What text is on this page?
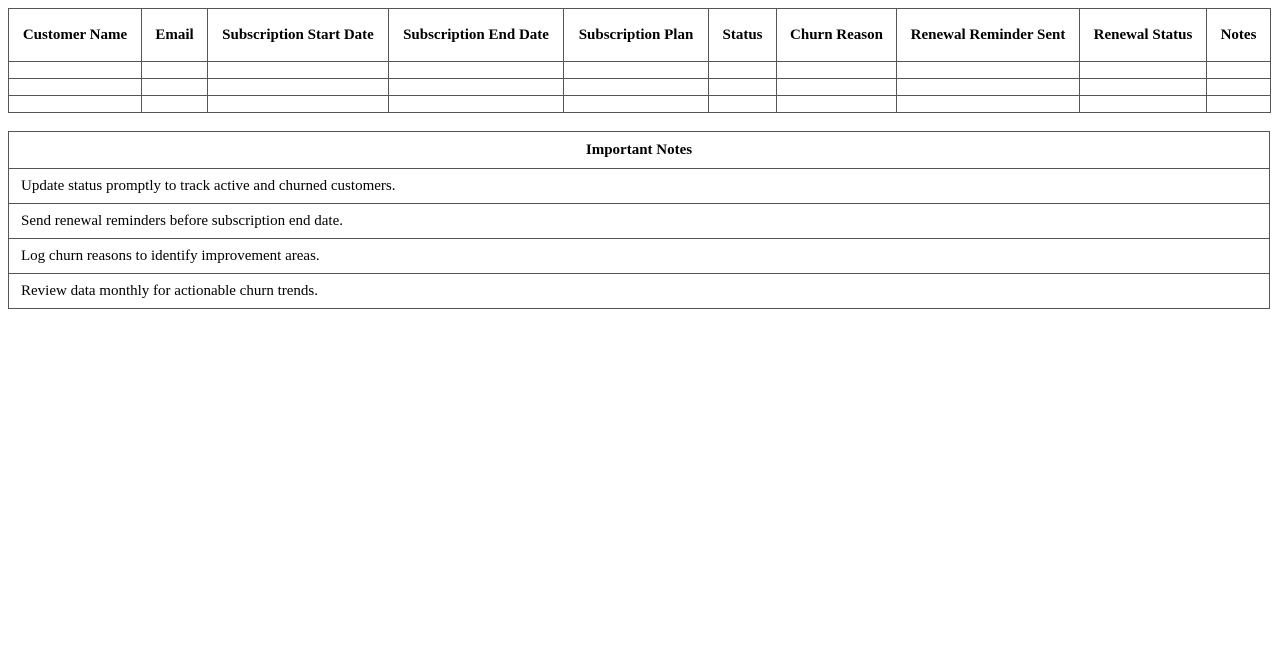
Customer Name	Email	Subscription Start Date	Subscription End Date	Subscription Plan	Status	Churn Reason	Renewal Reminder Sent	Renewal Status	Notes

Important Notes
Update status promptly to track active and churned customers.
Send renewal reminders before subscription end date.
Log churn reasons to identify improvement areas.
Review data monthly for actionable churn trends.
